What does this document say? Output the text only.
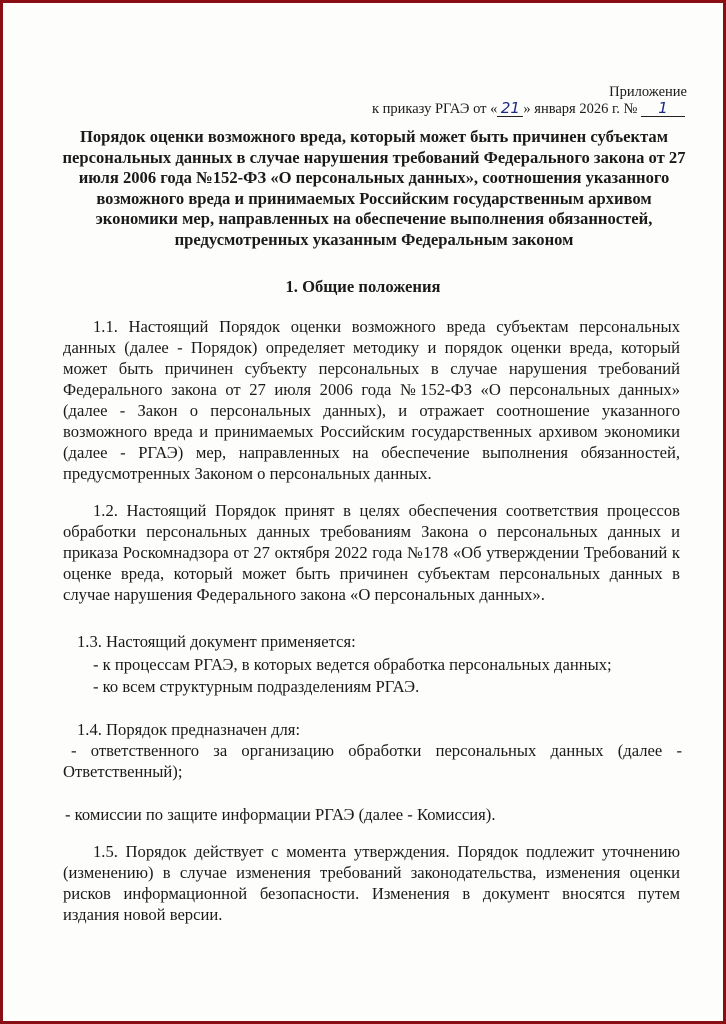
Приложение
к приказу РГАЭ от « 21 » января 2026 г. № 1
Порядок оценки возможного вреда, который может быть причинен субъектам персональных данных в случае нарушения требований Федерального закона от 27 июля 2006 года №152-ФЗ «О персональных данных», соотношения указанного возможного вреда и принимаемых Российским государственным архивом экономики мер, направленных на обеспечение выполнения обязанностей, предусмотренных указанным Федеральным законом
1. Общие положения
1.1. Настоящий Порядок оценки возможного вреда субъектам персональных данных (далее - Порядок) определяет методику и порядок оценки вреда, который может быть причинен субъекту персональных в случае нарушения требований Федерального закона от 27 июля 2006 года №152-ФЗ «О персональных данных» (далее - Закон о персональных данных), и отражает соотношение указанного возможного вреда и принимаемых Российским государственных архивом экономики (далее - РГАЭ) мер, направленных на обеспечение выполнения обязанностей, предусмотренных Законом о персональных данных.
1.2. Настоящий Порядок принят в целях обеспечения соответствия процессов обработки персональных данных требованиям Закона о персональных данных и приказа Роскомнадзора от 27 октября 2022 года №178 «Об утверждении Требований к оценке вреда, который может быть причинен субъектам персональных данных в случае нарушения Федерального закона «О персональных данных».
1.3. Настоящий документ применяется:
- к процессам РГАЭ, в которых ведется обработка персональных данных;
- ко всем структурным подразделениям РГАЭ.
1.4. Порядок предназначен для:
- ответственного за организацию обработки персональных данных (далее - Ответственный);
- комиссии по защите информации РГАЭ (далее - Комиссия).
1.5. Порядок действует с момента утверждения. Порядок подлежит уточнению (изменению) в случае изменения требований законодательства, изменения оценки рисков информационной безопасности. Изменения в документ вносятся путем издания новой версии.
